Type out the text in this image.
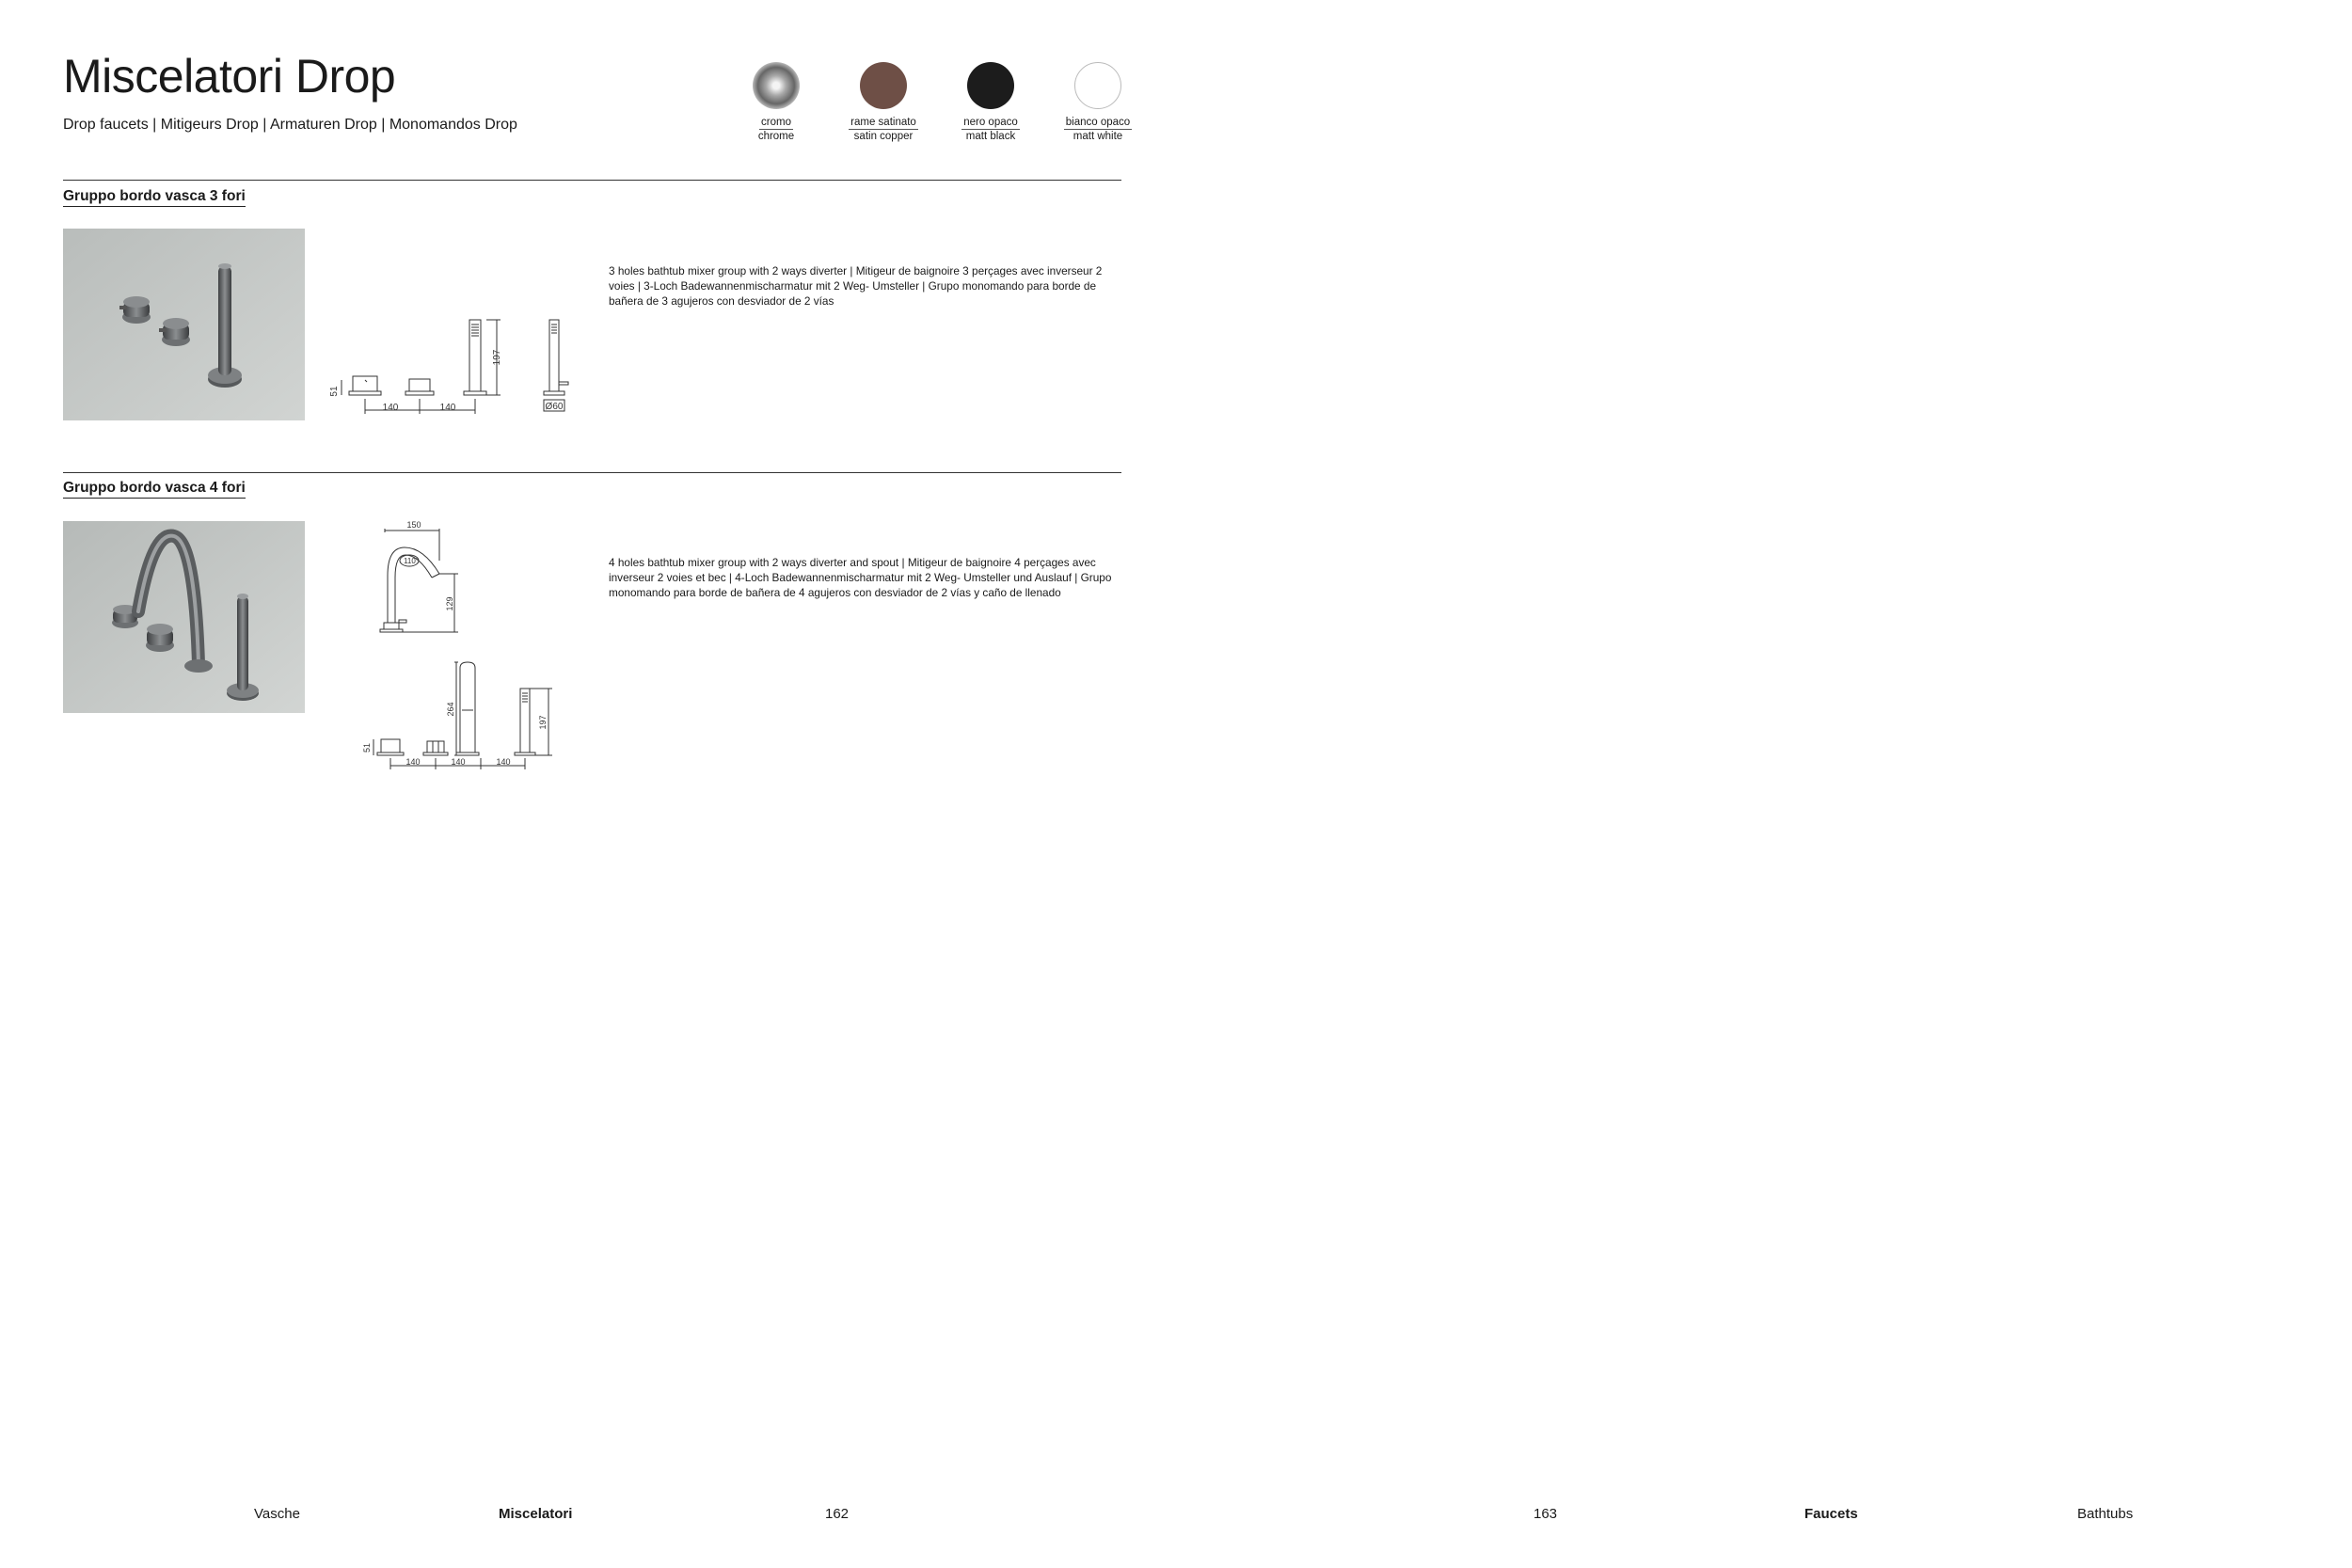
Miscelatori Drop
Drop faucets | Mitigeurs Drop | Armaturen Drop | Monomandos Drop	cromo
chrome
rame satinato
satin copper
nero opaco
matt black
bianco opaco
matt white
Gruppo bordo vasca 3 fori
51
140	140
197
Ø60
3 holes bathtub mixer group with 2 ways diverter | Mitigeur de baignoire 3 perçages avec inverseur 2 voies | 3-Loch Badewannenmischarmatur mit 2 Weg- Umsteller | Grupo monomando para borde de bañera de 3 agujeros con desviador de 2 vías
Gruppo bordo vasca 4 fori
150
110°
129
264
197
51
140	140	140
4 holes bathtub mixer group with 2 ways diverter and spout | Mitigeur de baignoire 4 perçages avec inverseur 2 voies et bec | 4-Loch Badewannenmischarmatur mit 2 Weg- Umsteller und Auslauf | Grupo monomando para borde de bañera de 4 agujeros con desviador de 2 vías y caño de llenado
Vasche	Miscelatori	162	163	Faucets	Bathtubs
